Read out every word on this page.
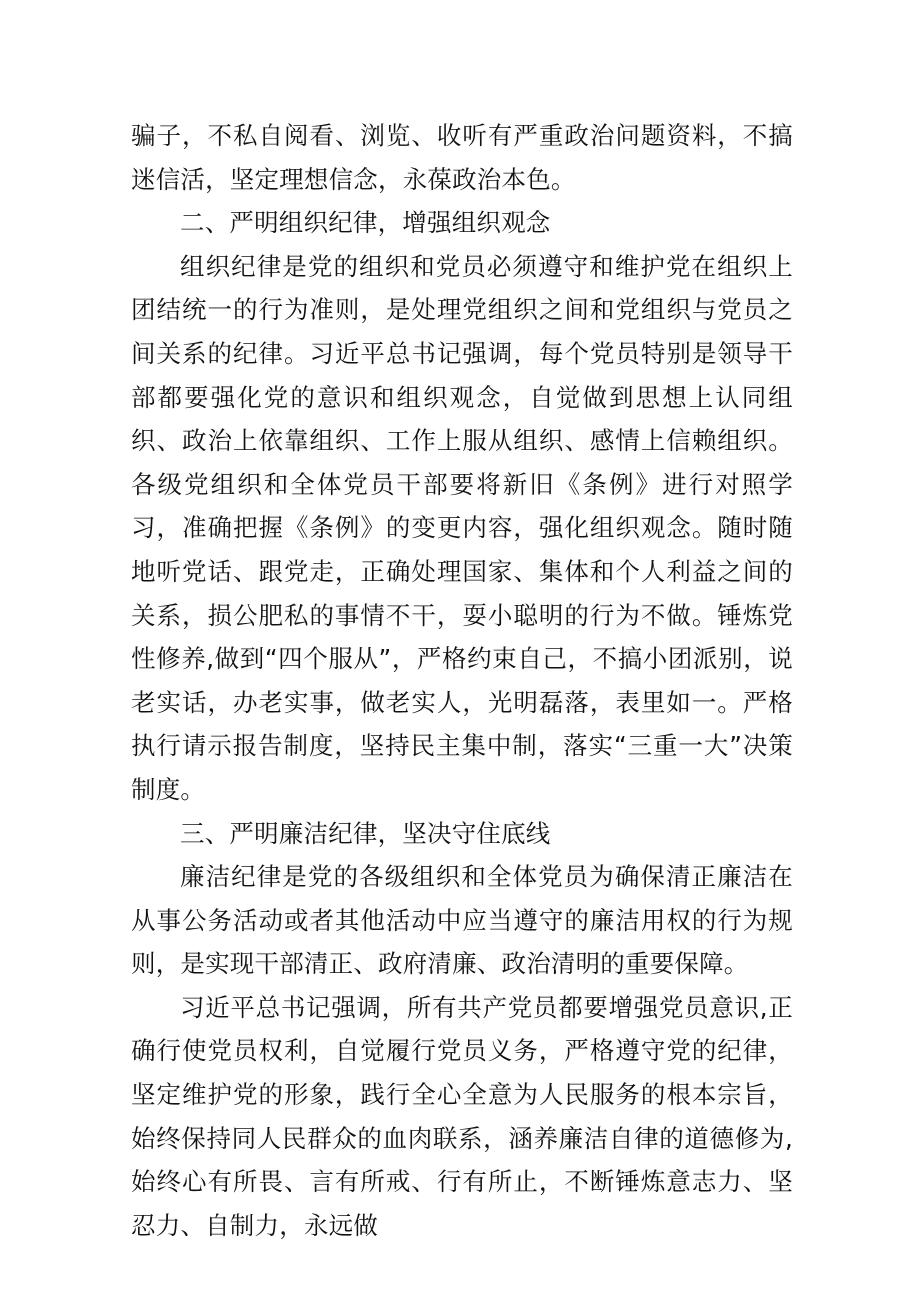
骗子，不私自阅看、浏览、收听有严重政治问题资料，不搞迷信活，坚定理想信念，永葆政治本色。

二、严明组织纪律，增强组织观念

组织纪律是党的组织和党员必须遵守和维护党在组织上团结统一的行为准则，是处理党组织之间和党组织与党员之间关系的纪律。习近平总书记强调，每个党员特别是领导干部都要强化党的意识和组织观念，自觉做到思想上认同组织、政治上依靠组织、工作上服从组织、感情上信赖组织。各级党组织和全体党员干部要将新旧《条例》进行对照学习，准确把握《条例》的变更内容，强化组织观念。随时随地听党话、跟党走，正确处理国家、集体和个人利益之间的关系，损公肥私的事情不干，耍小聪明的行为不做。锤炼党性修养,做到“四个服从”，严格约束自己，不搞小团派别，说老实话，办老实事，做老实人，光明磊落，表里如一。严格执行请示报告制度，坚持民主集中制，落实“三重一大”决策制度。

三、严明廉洁纪律，坚决守住底线

廉洁纪律是党的各级组织和全体党员为确保清正廉洁在从事公务活动或者其他活动中应当遵守的廉洁用权的行为规则，是实现干部清正、政府清廉、政治清明的重要保障。

习近平总书记强调，所有共产党员都要增强党员意识,正确行使党员权利，自觉履行党员义务，严格遵守党的纪律，坚定维护党的形象，践行全心全意为人民服务的根本宗旨，始终保持同人民群众的血肉联系，涵养廉洁自律的道德修为,始终心有所畏、言有所戒、行有所止，不断锤炼意志力、坚忍力、自制力，永远做
